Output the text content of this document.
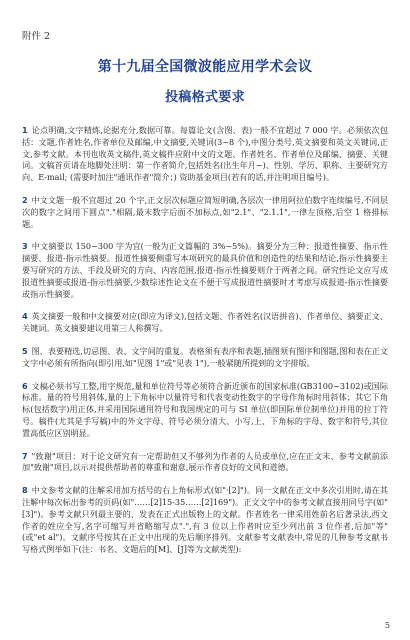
附件 2
第十九届全国微波能应用学术会议
投稿格式要求
1 论点明确,文字精炼,论据充分,数据可靠。每篇论文(含图、表)一般不宜超过 7 000 字。必须依次包括：文题,作者姓名,作者单位及邮编,中文摘要,关键词(3~8 个),中图分类号,英文摘要和英文关键词,正文,参考文献。本刊也收英文稿件,英文稿件应附中文的文题、作者姓名、作者单位及邮编、摘要、关键词。文稿首页请在地脚处注明：第一作者简介,包括姓名(出生年月~)、性别、学历、职称、主要研究方向、E-mail; (需要时加注"通讯作者"简介；) 资助基金项目(若有的话,并注明项目编号)。
2 中文文题一般不宜超过 20 个字,正文层次标题应简短明确,各层次一律用阿拉伯数字连续编号,不同层次的数字之间用下圆点"."相隔,最末数字后面不加标点,如"2.1"、"2.1.1",一律左顶格,后空 1 格排标题。
3 中文摘要以 150~300 字为宜(一般为正文篇幅的 3%~5%)。摘要分为三种：报道性摘要、指示性摘要、报道-指示性摘要。报道性摘要侧重写本项研究的最具价值和创造性的结果和结论,指示性摘要主要写研究的方法、手段及研究的方向、内容范围,报道-指示性摘要则介于两者之间。研究性论文应写成报道性摘要或报道-指示性摘要,少数综述性论文在不便于写成报道性摘要时才考虑写成报道-指示性摘要或指示性摘要。
4 英文摘要一般和中文摘要对应(即应为译文),包括文题、作者姓名(汉语拼音)、作者单位、摘要正文、关键词。英文摘要建议用第三人称撰写。
5 图、表要精选,切忌图、表、文字间的重复。表格须有表序和表题,插图须有图序和图题,图和表在正文文字中必须有所指向(即引用,如"见图 1"或"见表 1"),一般紧随所提到的文字排版。
6 文稿必须书写工整,用字规范,量和单位符号等必须符合新近颁布的国家标准(GB3100~3102)或国际标准。量的符号用斜体,量的上下角标中以量符号和代表变动性数字的字母作角标时用斜体；其它下角标(包括数字)用正体,并采用国际通用符号和我国规定的可与 SI 单位(即国际单位制单位)并用的拉丁符号。稿件(尤其是手写稿)中的外文字母、符号必须分清大、小写,上、下角标的字母、数字和符号,其位置高低应区别明显。
7 "致谢"项目：对于论文研究有一定帮助但又不够列为作者的人员或单位,应在正文末、参考文献前添加"致谢"项目,以示对提供帮助者的尊重和谢意,展示作者良好的文风和道德。
8 中文参考文献的注解采用加方括号的右上角标形式(如"·[2]")。同一文献在正文中多次引用时,请在其注解中每次标出参考的页码(如"……[2]15-35……[2]169")。正文文字中的参考文献直接用同号字(如"[3]")。参考文献只列最主要的、发表在正式出版物上的文献。作者姓名一律采用姓前名后著录法,西文作者的姓应全写,名字可缩写并省略缩写点".",有 3 位以上作者时应至少列出前 3 位作者,后加"等"(或"et al")。文献序号按其在正文中出现的先后顺序排列。文献参考文献表中,常见的几种参考文献书写格式例举如下(注：书名、文题后的[M]、[J]等为文献类型):
5
